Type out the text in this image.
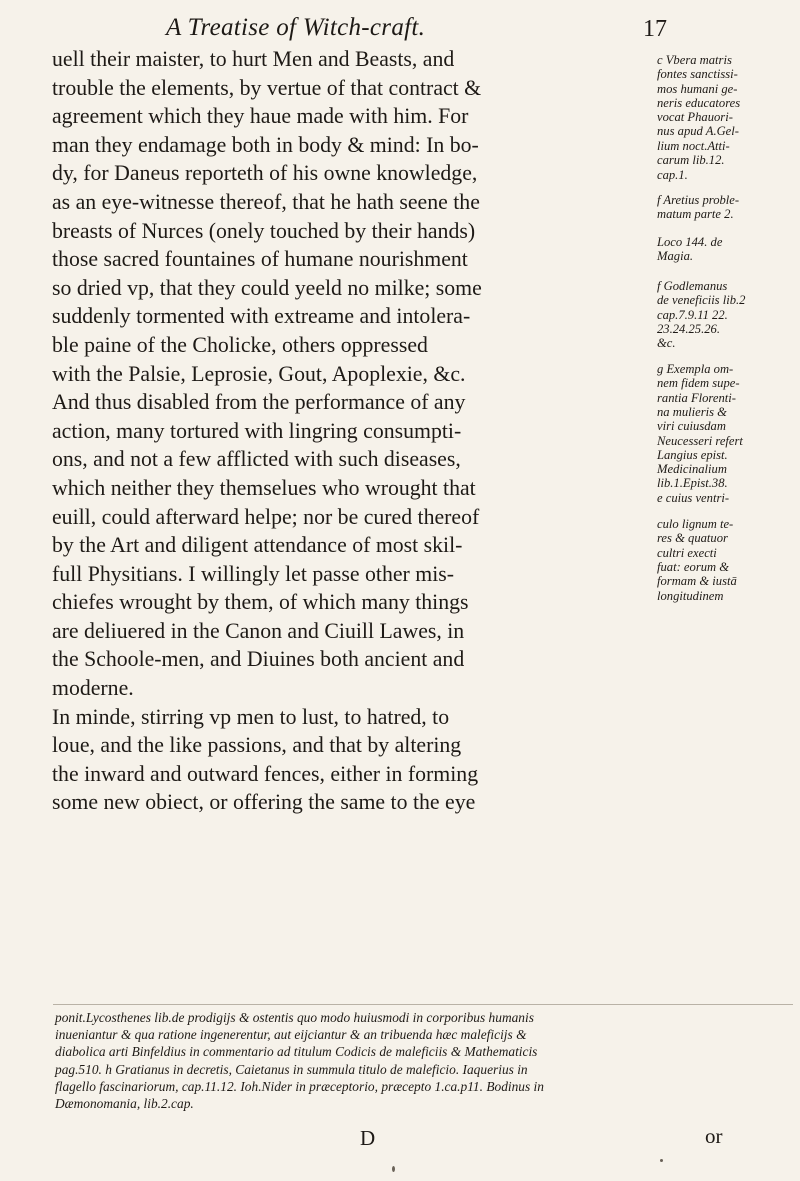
A Treatise of Witch-craft.	17
uell their maister, to hurt Men and Beasts, and
trouble the elements, by vertue of that contract &
agreement which they haue made with him. For
man they endamage both in body & mind: In bo-
dy, for Daneus reporteth of his owne knowledge,
as an eye-witnesse thereof, that he hath seene the
breasts of Nurces (onely touched by their hands)
those sacred fountaines of humane nourishment
so dried vp, that they could yeeld no milke; some
suddenly tormented with extreame and intolera-
ble paine of the Cholicke, others oppressed
with the Palsie, Leprosie, Gout, Apoplexie, &c.
And thus disabled from the performance of any
action, many tortured with lingring consumpti-
ons, and not a few afflicted with such diseases,
which neither they themselues who wrought that
euill, could afterward helpe; nor be cured thereof
by the Art and diligent attendance of most skil-
full Physitians. I willingly let passe other mis-
chiefes wrought by them, of which many things
are deliuered in the Canon and Ciuill Lawes, in
the Schoole-men, and Diuines both ancient and
moderne.
In minde, stirring vp men to lust, to hatred, to
loue, and the like passions, and that by altering
the inward and outward fences, either in forming
some new obiect, or offering the same to the eye
c Vbera matris
fontes sanctissi-
mos humani ge-
neris educatores
vocat Phauori-
nus apud A.Gel-
lium noct.Atti-
carum lib.12.
cap.1.
f Aretius proble-
matum parte 2.
Loco 144. de
Magia.
f Godlemanus
de veneficiis lib.2
cap.7.9.11 22.
23.24.25.26.
&c.
g Exempla om-
nem fidem supe-
rantia Florenti-
na mulieris &
viri cuiusdam
Neucesseri refert
Langius epist.
Medicinalium
lib.1.Epist.38.
e cuius ventri-
culo lignum te-
res & quatuor
cultri execti
fuat: eorum &
formam & iustā
longitudinem
ponit.Lycosthenes lib.de prodigijs & ostentis quo modo huiusmodi in corporibus humanis
inueniantur & qua ratione ingenerentur, aut eijciantur & an tribuenda hæc maleficijs &
diabolica arti Binfeldius in commentario ad titulum Codicis de maleficiis & Mathematicis
pag.510. h Gratianus in decretis, Caietanus in summula titulo de maleficio. Iaquerius in
flagello fascinariorum, cap.11.12. Ioh.Nider in præceptorio, præcepto 1.ca.p11. Bodinus in
Dæmonomania, lib.2.cap.
D	or
